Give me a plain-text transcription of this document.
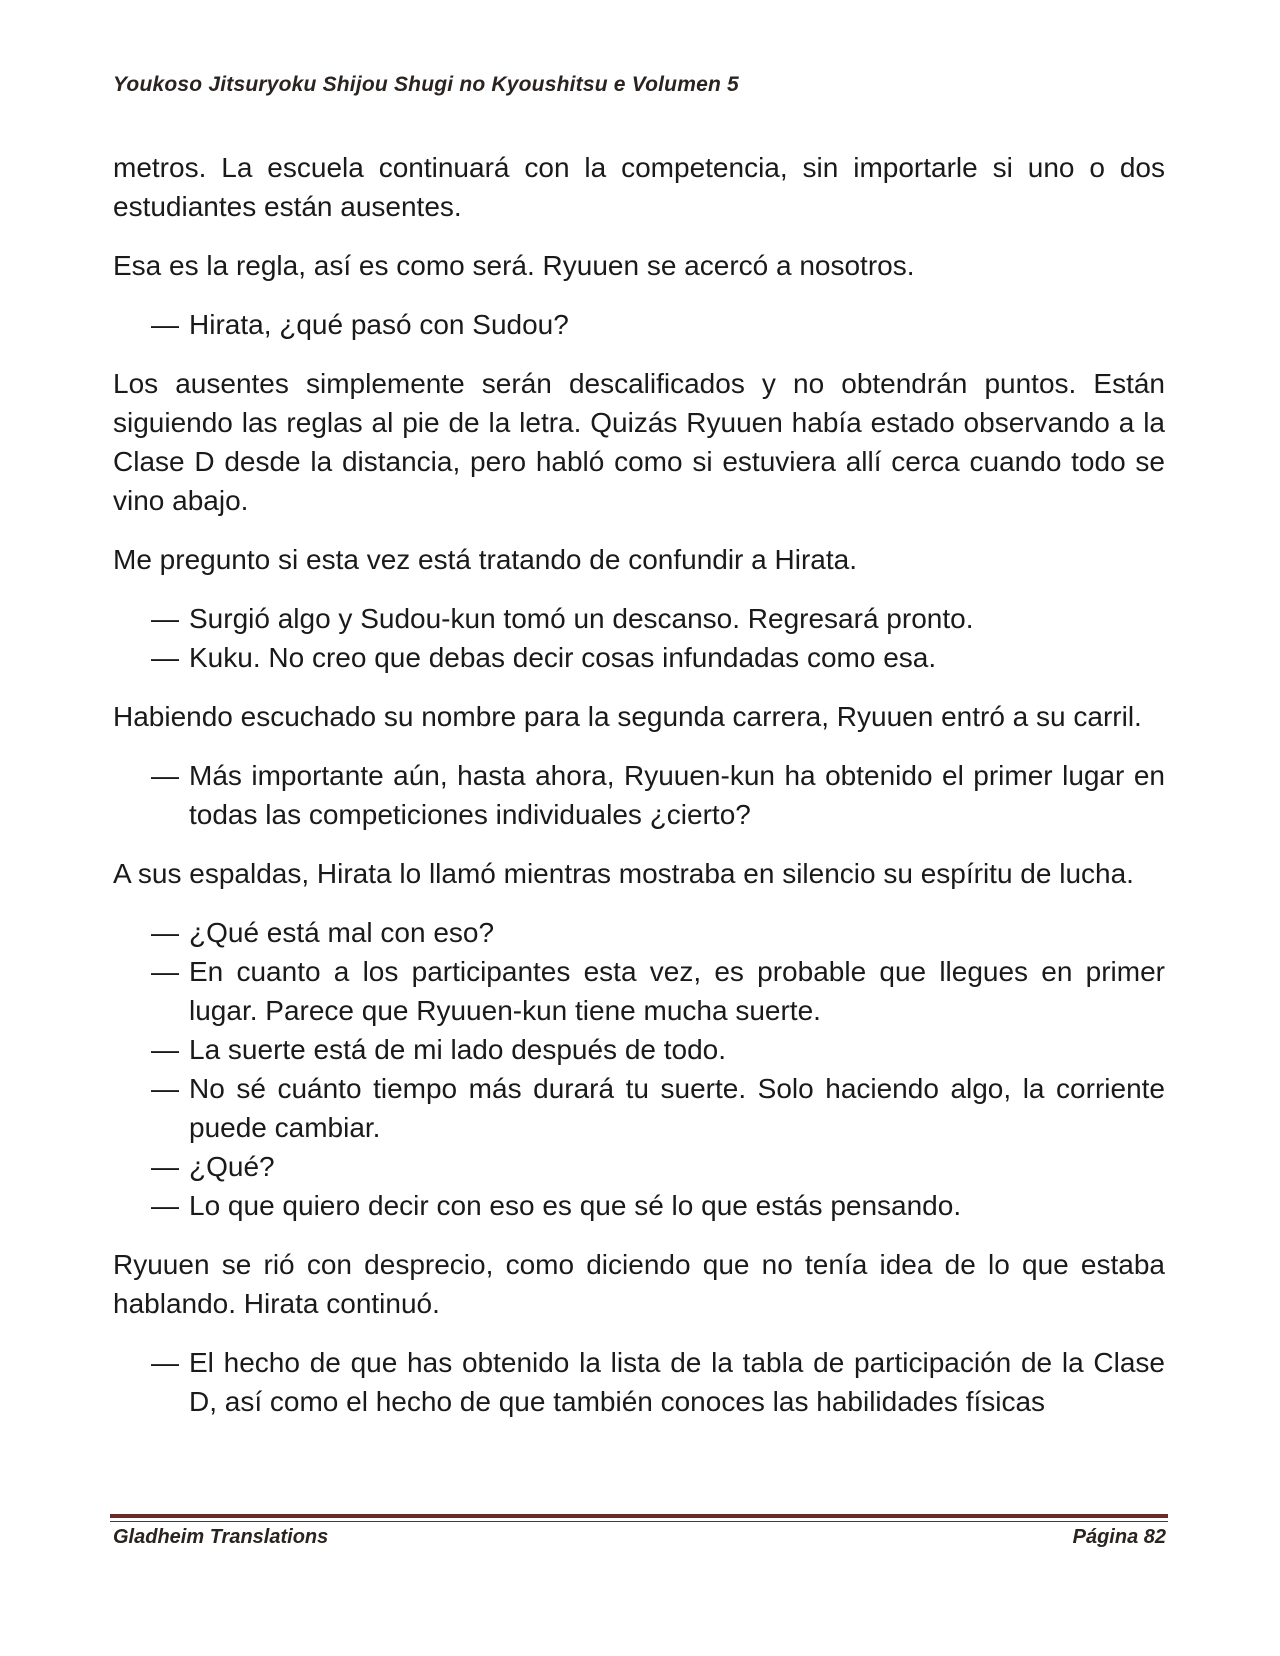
Youkoso Jitsuryoku Shijou Shugi no Kyoushitsu e Volumen 5

metros. La escuela continuará con la competencia, sin importarle si uno o dos estudiantes están ausentes.

Esa es la regla, así es como será. Ryuuen se acercó a nosotros.

— Hirata, ¿qué pasó con Sudou?

Los ausentes simplemente serán descalificados y no obtendrán puntos. Están siguiendo las reglas al pie de la letra. Quizás Ryuuen había estado observando a la Clase D desde la distancia, pero habló como si estuviera allí cerca cuando todo se vino abajo.

Me pregunto si esta vez está tratando de confundir a Hirata.

— Surgió algo y Sudou-kun tomó un descanso. Regresará pronto.

— Kuku. No creo que debas decir cosas infundadas como esa.

Habiendo escuchado su nombre para la segunda carrera, Ryuuen entró a su carril.

— Más importante aún, hasta ahora, Ryuuen-kun ha obtenido el primer lugar en todas las competiciones individuales ¿cierto?

A sus espaldas, Hirata lo llamó mientras mostraba en silencio su espíritu de lucha.

— ¿Qué está mal con eso?

— En cuanto a los participantes esta vez, es probable que llegues en primer lugar. Parece que Ryuuen-kun tiene mucha suerte.

— La suerte está de mi lado después de todo.

— No sé cuánto tiempo más durará tu suerte. Solo haciendo algo, la corriente puede cambiar.

— ¿Qué?

— Lo que quiero decir con eso es que sé lo que estás pensando.

Ryuuen se rió con desprecio, como diciendo que no tenía idea de lo que estaba hablando. Hirata continuó.

— El hecho de que has obtenido la lista de la tabla de participación de la Clase D, así como el hecho de que también conoces las habilidades físicas

Gladheim Translations	Página 82
